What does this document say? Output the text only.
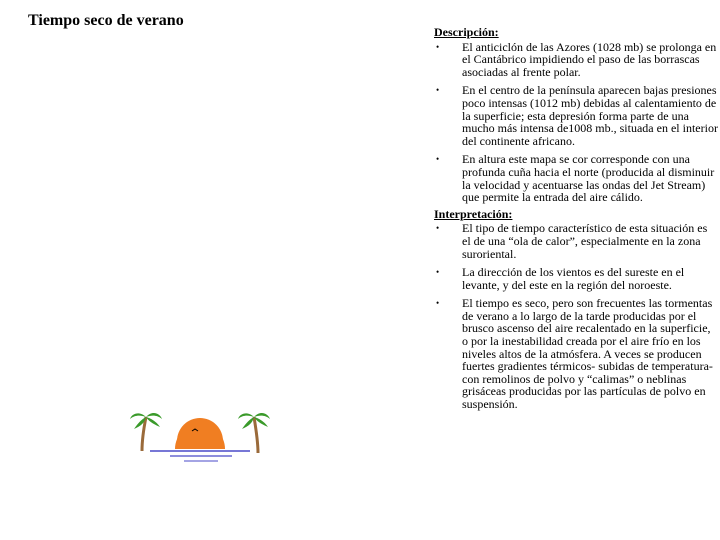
Tiempo seco de verano
Descripción:
• El anticiclón de las Azores (1028 mb) se prolonga en el Cantábrico impidiendo el paso de las borrascas asociadas al frente polar.
• En el centro de la península aparecen bajas presiones poco intensas (1012 mb) debidas al calentamiento de la superficie; esta depresión forma parte de una mucho más intensa de1008 mb., situada en el interior del continente africano.
• En altura este mapa se cor corresponde con una profunda cuña hacia el norte (producida al disminuir la velocidad y acentuarse las ondas del Jet Stream) que permite la entrada del aire cálido.
Interpretación:
• El tipo de tiempo característico de esta situación es el de una “ola de calor”, especialmente en la zona suroriental.
• La dirección de los vientos es del sureste en el levante, y del este en la región del noroeste.
• El tiempo es seco, pero son frecuentes las tormentas de verano a lo largo de la tarde producidas por el brusco ascenso del aire recalentado en la superficie, o por la inestabilidad creada por el aire frío en los niveles altos de la atmósfera. A veces se producen fuertes gradientes térmicos- subidas de temperatura- con remolinos de polvo y “calimas” o neblinas grisáceas producidas por las partículas de polvo en suspensión.
